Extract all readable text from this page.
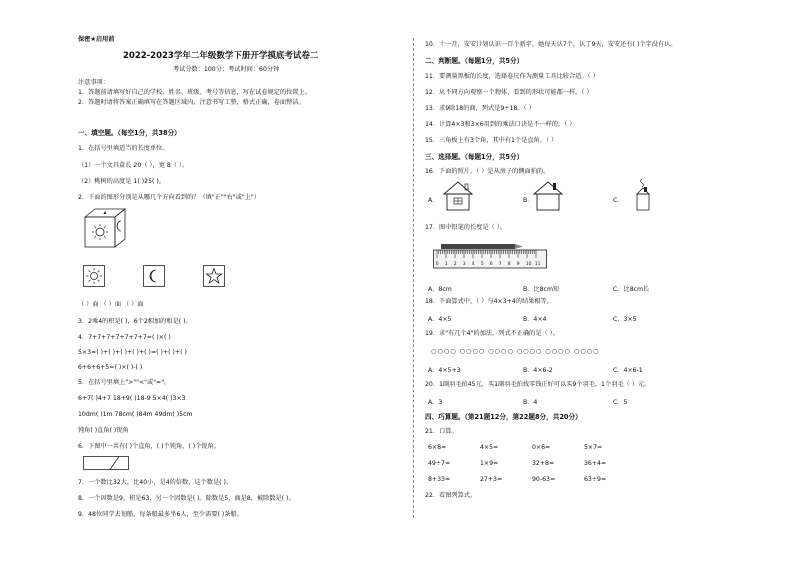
保密★启用前
2022-2023学年二年级数学下册开学摸底考试卷二
考试分数：100分；考试时间：60分钟
注意事项：
1．答题前请填写好自己的学校、姓名、班级、考号等信息，写在试卷规定的位置上。
2．答题时请将答案正确填写在答题区域内，注意书写工整，格式正确，卷面整洁。
一、填空题。（每空1分，共38分）
1．在括号里填适当的长度单位。
（1）一个文具盒长 20（ ），宽 8（ ）。
（2）桃树的高度是 1( )25( )。
2．下面的图形分别是从哪几个方向看到的？（填"正""右"或"上"）
（ ）面 （ ）面 （ ）面
3．2乘4的积是( )，6个2相加的和是( )。
4．7+7+7+7+7+7+7=( )×( )
5×3=( )+( )+( )+( )+( )=( )+( )+( )
6+6+6+5=( )×( )-( )
5．在括号里填上">""<"或"="。
6+7( )4+7 18+9( )18-9 5×4( )3×3
10dm( )1m 78cm( )84m 49dm( )5cm
钝角( )直角( )锐角
6．下图中一共有( )个直角，( )个钝角，( )个锐角。
7．一个数比32大，比40小，是4的倍数，这个数是( )。
8．一个因数是9，积是63，另一个因数是( )。除数是5，商是8，被除数是( )。
9．48位同学去划船，每条船最多坐6人，至少需要( )条船。
10．十一月，安安计划认识一百个新字，她每天认7个，认了9天，安安还有( )个字没有认。
二、判断题。（每题1分，共5分）
11．要测量黑板的长度，选择卷尺作为测量工具比较合适。（ ）
12．从不同方向观察一个物体，看到的形状可能都一样。（ ）
13．求9除18的商，列式是9÷18。（ ）
14．计算4×3和3×6用到的乘法口诀是不一样的。（ ）
15．三角板上有3个角，其中有1个是直角。（ ）
三、选择题。（每题1分，共5分）
16．下面的照片，（ ）是从房子的侧面拍的。
A．	B．	C．
17．图中铅笔的长度是（ ）。
0 1 2 3 4 5 6 7 8 9 10 11
A．8cm	B．比8cm短	C．比8cm长
18．下面算式中，（ ）与4×3+4的结果相等。
A．4×5	B．4×4	C．3×5
19．求"有几个4"的加法，列式不正确的是（ ）。
○○○○ ○○○○ ○○○○ ○○○○ ○○○○ ○○○○
A．4×5+3	B．4×6-2	C．4×6-1
20．1副羽毛拍45元，买1副羽毛拍找零钱正好可以买9个羽毛，1个羽毛（ ）元。
A．3	B．4	C．5
四、巧算题。（第21题12分，第22题8分，共20分）
21．口算。
6×8=	4×5=	0×6=	5×7=
49÷7=	1×9=	32+8=	36+4=
8+33=	27+3=	90-63=	63÷9=
22．看图列算式。
